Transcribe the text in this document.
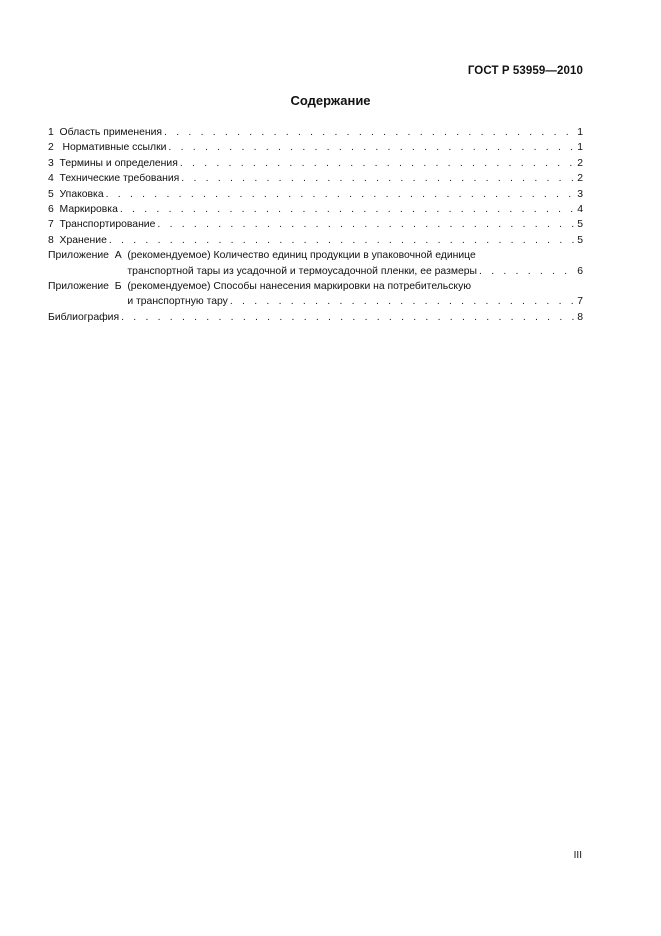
ГОСТ Р 53959—2010
Содержание
1  Область применения . . .	1
2   Нормативные ссылки . . .	1
3  Термины и определения . . .	2
4  Технические требования . . .	2
5  Упаковка . . .	3
6  Маркировка . . .	4
7  Транспортирование . . .	5
8  Хранение . . .	5
Приложение  А (рекомендуемое) Количество единиц продукции в упаковочной единице
транспортной тары из усадочной и термоусадочной пленки, ее размеры . . .	6
Приложение  Б (рекомендуемое) Способы нанесения маркировки на потребительскую
и транспортную тару . . .	7
Библиография . . .	8
III
